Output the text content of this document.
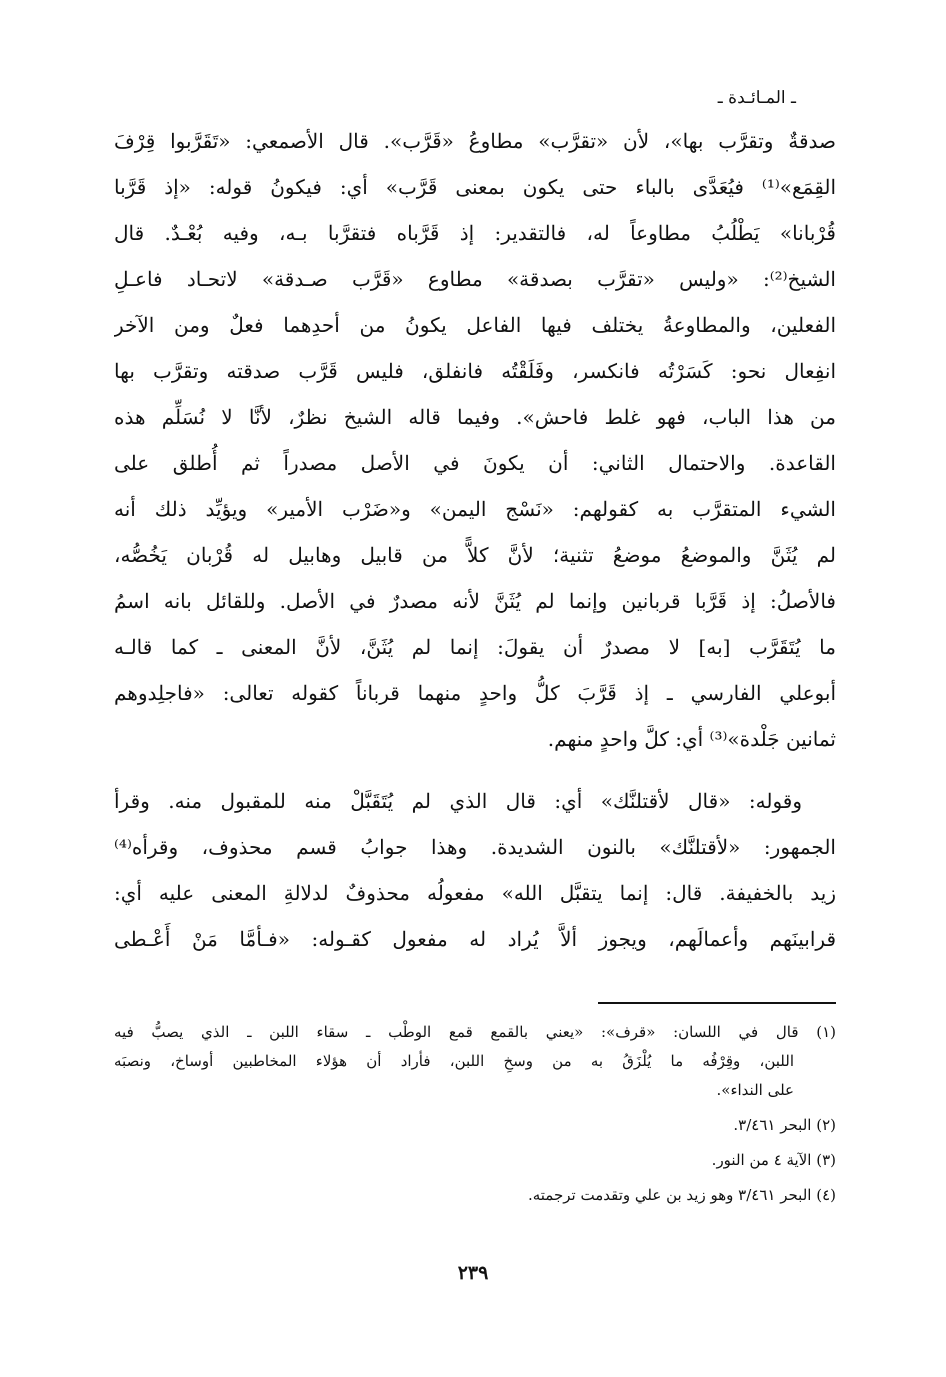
ـ المـائـدة ـ
صدقةٌ وتقرَّب بها»، لأن «تقرَّب» مطاوعُ «قَرَّب». قال الأصمعي: «تَقَرَّبوا قِرْفَ
القِمَع»⁽¹⁾ فيُعَدَّى بالباء حتى يكون بمعنى قَرَّب» أي: فيكونُ قوله: «إذ قَرَّبا
قُرْبانا» يَطْلُبُ مطاوعاً له، فالتقدير: إذ قَرَّباه فتقرَّبا بـه، وفيه بُعْـدٌ. قال
الشيخ⁽²⁾: «وليس «تقرَّب بصدقة» مطاوع «قَرَّب صـدقة» لاتحـاد فاعـلِ
الفعلين، والمطاوعةُ يختلف فيها الفاعل يكونُ من أحدِهما فعلٌ ومن الآخر
انفِعال نحو: كَسَرْتُه فانكسر، وفَلَقْتُه فانفلق، فليس قَرَّب صدقته وتقرَّب بها
من هذا الباب، فهو غلط فاحش». وفيما قاله الشيخ نظرٌ، لأنَّا لا نُسَلِّم هذه
القاعدة. والاحتمال الثاني: أن يكونَ في الأصل مصدراً ثم أُطلق على
الشيء المتقرَّب به كقولهم: «نَسْج اليمن» و«ضَرْب الأمير» ويؤيِّد ذلك أنه
لم يُثَنَّ والموضعُ موضعُ تثنية؛ لأنَّ كلاًّ من قابيل وهابيل له قُرْبان يَخُصُّه،
فالأصلُ: إذ قَرَّبا قربانين وإنما لم يُثَنَّ لأنه مصدرٌ في الأصل. وللقائل بانه اسمُ
ما يُتَقَرَّب [به] لا مصدرٌ أن يقولَ: إنما لم يُثَنَّ، لأنَّ المعنى ـ كما قالـه
أبوعلي الفارسي ـ إذ قَرَّبَ كلُّ واحدٍ منهما قرباناً كقوله تعالى: «فاجلِدوهم
ثمانين جَلْدة»⁽³⁾ أي: كلَّ واحدٍ منهم.
وقوله: «قال لأقتلنَّك» أي: قال الذي لم يُتَقَبَّلْ منه للمقبول منه. وقرأ
الجمهور: «لأقتلنَّك» بالنون الشديدة. وهذا جوابُ قسم محذوف، وقرأه⁽⁴⁾
زيد بالخفيفة. قال: إنما يتقبَّل الله» مفعولُه محذوفٌ لدلالةِ المعنى عليه أي:
قرابينَهم وأعمالَهم، ويجوز ألاَّ يُراد له مفعول كقـوله: «فـأمَّا مَنْ أَعْـطى
(١) قال في اللسان: «قرف»: «يعني بالقمع قمع الوطْب ـ سقاء اللبن ـ الذي يصبُّ فيه
اللبن، وقِرْفُه ما يُلْزَقُ به من وسخِ اللبن، فأراد أن هؤلاء المخاطبين أوساخ، ونصبَه
على النداء».
(٢) البحر ٣/٤٦١.
(٣) الآية ٤ من النور.
(٤) البحر ٣/٤٦١ وهو زيد بن علي وتقدمت ترجمته.
٢٣٩
